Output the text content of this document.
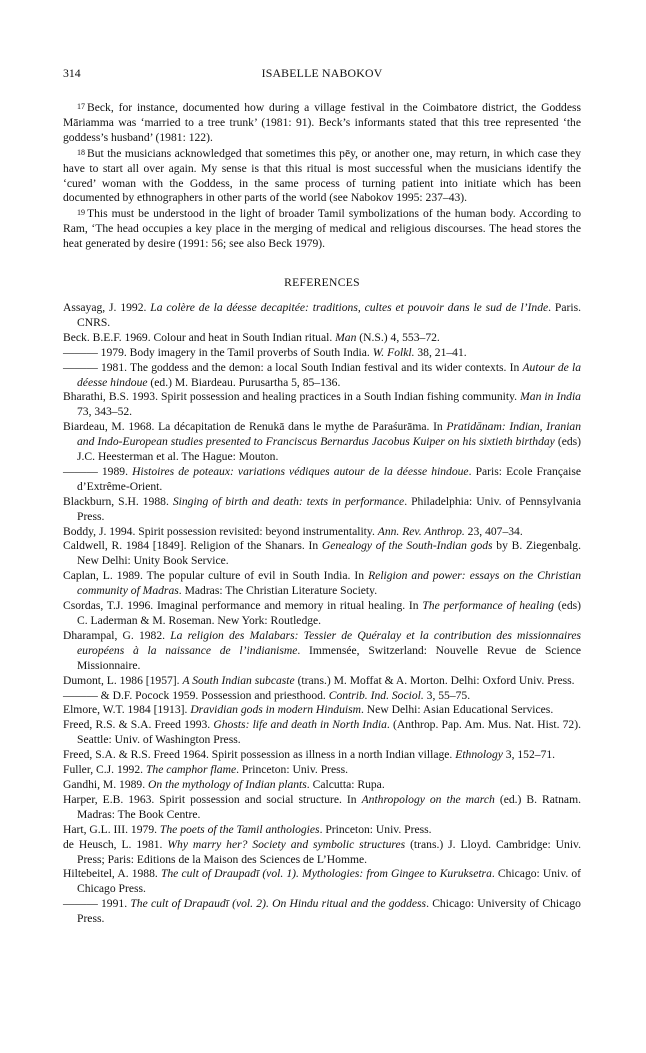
314	ISABELLE NABOKOV

$^{17}$ Beck, for instance, documented how during a village festival in the Coimbatore district, the Goddess Māriamma was ‘married to a tree trunk’ (1981: 91). Beck’s informants stated that this tree represented ‘the goddess’s husband’ (1981: 122).

$^{18}$ But the musicians acknowledged that sometimes this pēy, or another one, may return, in which case they have to start all over again. My sense is that this ritual is most successful when the musicians identify the ‘cured’ woman with the Goddess, in the same process of turning patient into initiate which has been documented by ethnographers in other parts of the world (see Nabokov 1995: 237–43).

$^{19}$ This must be understood in the light of broader Tamil symbolizations of the human body. According to Ram, ‘The head occupies a key place in the merging of medical and religious discourses. The head stores the heat generated by desire (1991: 56; see also Beck 1979).

REFERENCES

Assayag, J. 1992. La colère de la déesse decapitée: traditions, cultes et pouvoir dans le sud de l’Inde. Paris. CNRS.

Beck. B.E.F. 1969. Colour and heat in South Indian ritual. Man (N.S.) 4, 553–72.

——— 1979. Body imagery in the Tamil proverbs of South India. W. Folkl. 38, 21–41.

——— 1981. The goddess and the demon: a local South Indian festival and its wider contexts. In Autour de la déesse hindoue (ed.) M. Biardeau. Purusartha 5, 85–136.

Bharathi, B.S. 1993. Spirit possession and healing practices in a South Indian fishing community. Man in India 73, 343–52.

Biardeau, M. 1968. La décapitation de Renukā dans le mythe de Paraśurāma. In Pratidānam: Indian, Iranian and Indo-European studies presented to Franciscus Bernardus Jacobus Kuiper on his sixtieth birthday (eds) J.C. Heesterman et al. The Hague: Mouton.

——— 1989. Histoires de poteaux: variations védiques autour de la déesse hindoue. Paris: Ecole Française d’Extrême-Orient.

Blackburn, S.H. 1988. Singing of birth and death: texts in performance. Philadelphia: Univ. of Pennsylvania Press.

Boddy, J. 1994. Spirit possession revisited: beyond instrumentality. Ann. Rev. Anthrop. 23, 407–34.

Caldwell, R. 1984 [1849]. Religion of the Shanars. In Genealogy of the South-Indian gods by B. Ziegenbalg. New Delhi: Unity Book Service.

Caplan, L. 1989. The popular culture of evil in South India. In Religion and power: essays on the Christian community of Madras. Madras: The Christian Literature Society.

Csordas, T.J. 1996. Imaginal performance and memory in ritual healing. In The performance of healing (eds) C. Laderman & M. Roseman. New York: Routledge.

Dharampal, G. 1982. La religion des Malabars: Tessier de Quéralay et la contribution des missionnaires européens à la naissance de l’indianisme. Immensée, Switzerland: Nouvelle Revue de Science Missionnaire.

Dumont, L. 1986 [1957]. A South Indian subcaste (trans.) M. Moffat & A. Morton. Delhi: Oxford Univ. Press.

——— & D.F. Pocock 1959. Possession and priesthood. Contrib. Ind. Sociol. 3, 55–75.

Elmore, W.T. 1984 [1913]. Dravidian gods in modern Hinduism. New Delhi: Asian Educational Services.

Freed, R.S. & S.A. Freed 1993. Ghosts: life and death in North India. (Anthrop. Pap. Am. Mus. Nat. Hist. 72). Seattle: Univ. of Washington Press.

Freed, S.A. & R.S. Freed 1964. Spirit possession as illness in a north Indian village. Ethnology 3, 152–71.

Fuller, C.J. 1992. The camphor flame. Princeton: Univ. Press.

Gandhi, M. 1989. On the mythology of Indian plants. Calcutta: Rupa.

Harper, E.B. 1963. Spirit possession and social structure. In Anthropology on the march (ed.) B. Ratnam. Madras: The Book Centre.

Hart, G.L. III. 1979. The poets of the Tamil anthologies. Princeton: Univ. Press.

de Heusch, L. 1981. Why marry her? Society and symbolic structures (trans.) J. Lloyd. Cambridge: Univ. Press; Paris: Editions de la Maison des Sciences de L’Homme.

Hiltebeitel, A. 1988. The cult of Draupadī (vol. 1). Mythologies: from Gingee to Kuruksetra. Chicago: Univ. of Chicago Press.

——— 1991. The cult of Drapaudī (vol. 2). On Hindu ritual and the goddess. Chicago: University of Chicago Press.
